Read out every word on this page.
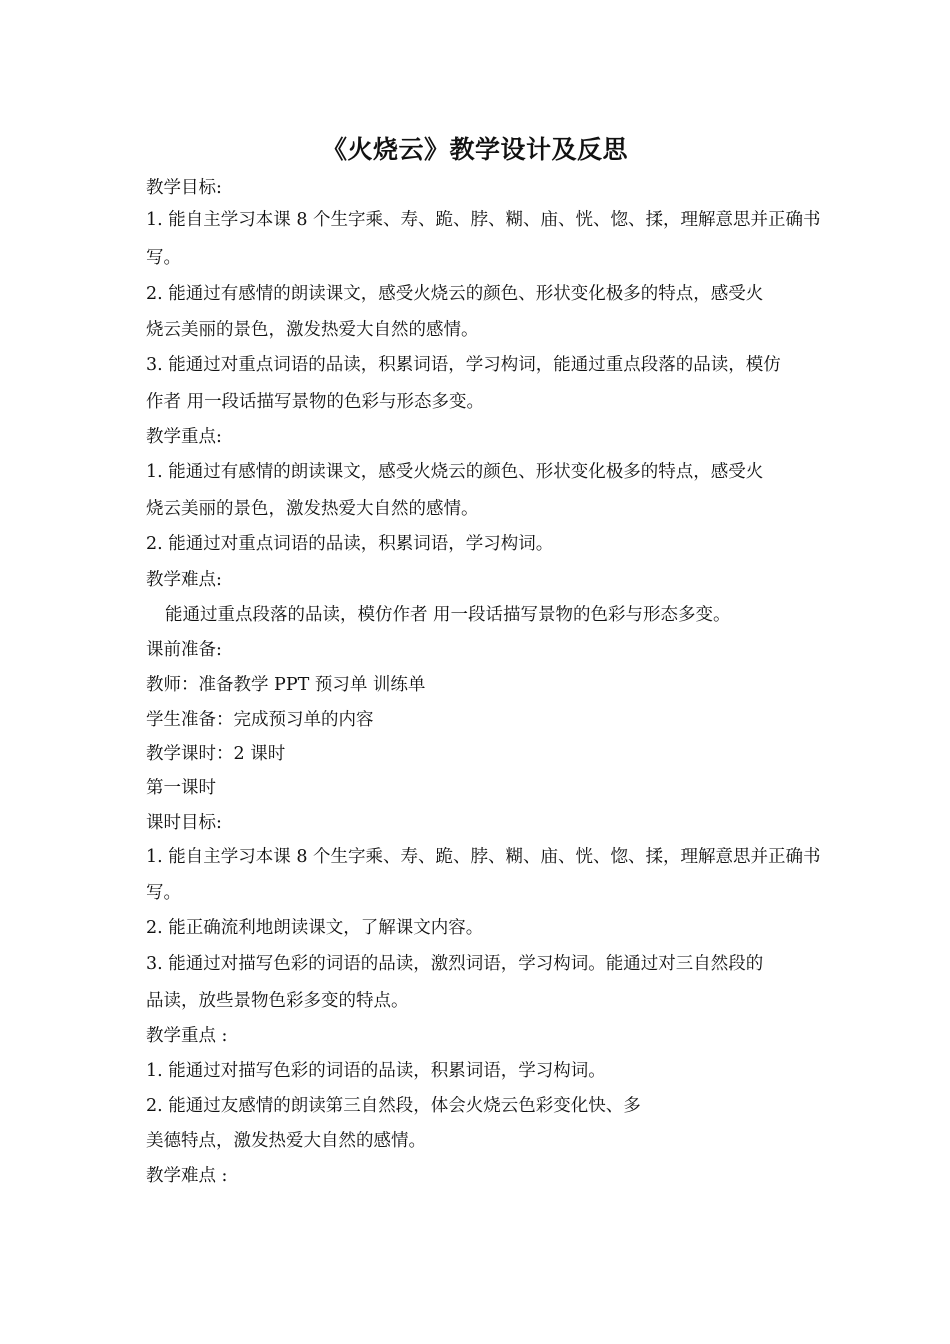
《火烧云》教学设计及反思
教学目标:
1. 能自主学习本课 8 个生字乘、寿、跪、脖、糊、庙、恍、惚、揉，理解意思并正确书
写。
2. 能通过有感情的朗读课文，感受火烧云的颜色、形状变化极多的特点，感受火
烧云美丽的景色，激发热爱大自然的感情。
3. 能通过对重点词语的品读，积累词语，学习构词，能通过重点段落的品读，模仿
作者 用一段话描写景物的色彩与形态多变。
教学重点:
1. 能通过有感情的朗读课文，感受火烧云的颜色、形状变化极多的特点，感受火
烧云美丽的景色，激发热爱大自然的感情。
2. 能通过对重点词语的品读，积累词语，学习构词。
教学难点:
能通过重点段落的品读，模仿作者 用一段话描写景物的色彩与形态多变。
课前准备:
教师：准备教学 PPT 预习单 训练单
学生准备：完成预习单的内容
教学课时：2 课时
第一课时
课时目标:
1. 能自主学习本课 8 个生字乘、寿、跪、脖、糊、庙、恍、惚、揉，理解意思并正确书
写。
2. 能正确流利地朗读课文，了解课文内容。
3. 能通过对描写色彩的词语的品读，激烈词语，学习构词。能通过对三自然段的
品读，放些景物色彩多变的特点。
教学重点 :
1. 能通过对描写色彩的词语的品读，积累词语，学习构词。
2. 能通过友感情的朗读第三自然段，体会火烧云色彩变化快、多
美德特点，激发热爱大自然的感情。
教学难点 :
